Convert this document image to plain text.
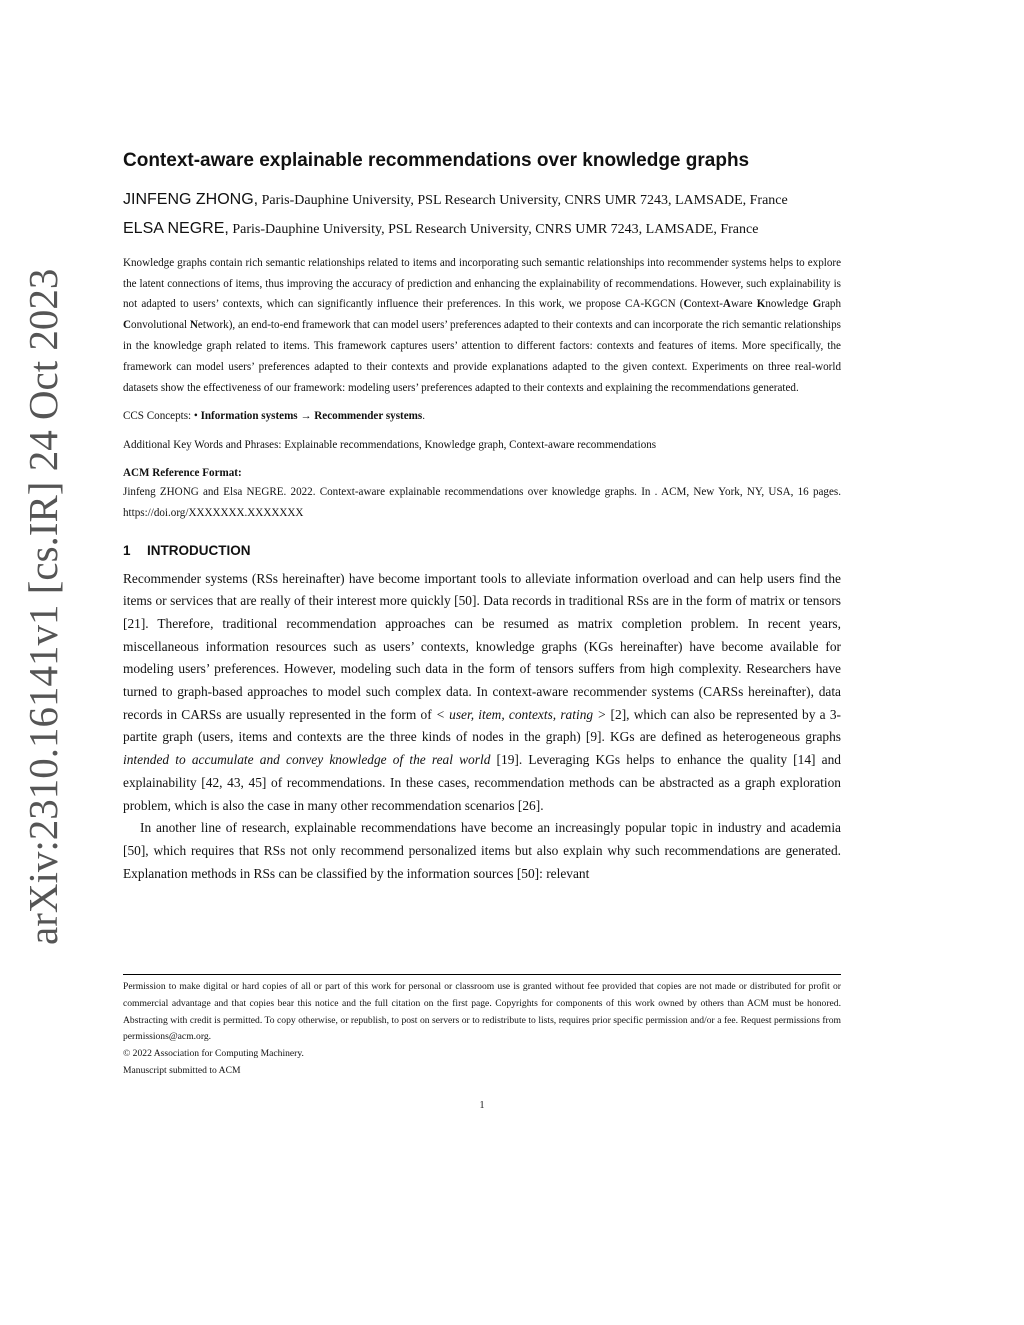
arXiv:2310.16141v1 [cs.IR] 24 Oct 2023
Context-aware explainable recommendations over knowledge graphs

JINFENG ZHONG, Paris-Dauphine University, PSL Research University, CNRS UMR 7243, LAMSADE, France

ELSA NEGRE, Paris-Dauphine University, PSL Research University, CNRS UMR 7243, LAMSADE, France

Knowledge graphs contain rich semantic relationships related to items and incorporating such semantic relationships into recommender systems helps to explore the latent connections of items, thus improving the accuracy of prediction and enhancing the explainability of recommendations. However, such explainability is not adapted to users’ contexts, which can significantly influence their preferences. In this work, we propose CA-KGCN (Context-Aware Knowledge Graph Convolutional Network), an end-to-end framework that can model users’ preferences adapted to their contexts and can incorporate the rich semantic relationships in the knowledge graph related to items. This framework captures users’ attention to different factors: contexts and features of items. More specifically, the framework can model users’ preferences adapted to their contexts and provide explanations adapted to the given context. Experiments on three real-world datasets show the effectiveness of our framework: modeling users’ preferences adapted to their contexts and explaining the recommendations generated.

CCS Concepts: • Information systems → Recommender systems.

Additional Key Words and Phrases: Explainable recommendations, Knowledge graph, Context-aware recommendations

ACM Reference Format:

Jinfeng ZHONG and Elsa NEGRE. 2022. Context-aware explainable recommendations over knowledge graphs. In . ACM, New York, NY, USA, 16 pages. https://doi.org/XXXXXXX.XXXXXXX

1 INTRODUCTION

Recommender systems (RSs hereinafter) have become important tools to alleviate information overload and can help users find the items or services that are really of their interest more quickly [50]. Data records in traditional RSs are in the form of matrix or tensors [21]. Therefore, traditional recommendation approaches can be resumed as matrix completion problem. In recent years, miscellaneous information resources such as users’ contexts, knowledge graphs (KGs hereinafter) have become available for modeling users’ preferences. However, modeling such data in the form of tensors suffers from high complexity. Researchers have turned to graph-based approaches to model such complex data. In context-aware recommender systems (CARSs hereinafter), data records in CARSs are usually represented in the form of < user, item, contexts, rating > [2], which can also be represented by a 3-partite graph (users, items and contexts are the three kinds of nodes in the graph) [9]. KGs are defined as heterogeneous graphs intended to accumulate and convey knowledge of the real world [19]. Leveraging KGs helps to enhance the quality [14] and explainability [42, 43, 45] of recommendations. In these cases, recommendation methods can be abstracted as a graph exploration problem, which is also the case in many other recommendation scenarios [26].

In another line of research, explainable recommendations have become an increasingly popular topic in industry and academia [50], which requires that RSs not only recommend personalized items but also explain why such recommendations are generated. Explanation methods in RSs can be classified by the information sources [50]: relevant

Permission to make digital or hard copies of all or part of this work for personal or classroom use is granted without fee provided that copies are not made or distributed for profit or commercial advantage and that copies bear this notice and the full citation on the first page. Copyrights for components of this work owned by others than ACM must be honored. Abstracting with credit is permitted. To copy otherwise, or republish, to post on servers or to redistribute to lists, requires prior specific permission and/or a fee. Request permissions from permissions@acm.org.

© 2022 Association for Computing Machinery.

Manuscript submitted to ACM

1
